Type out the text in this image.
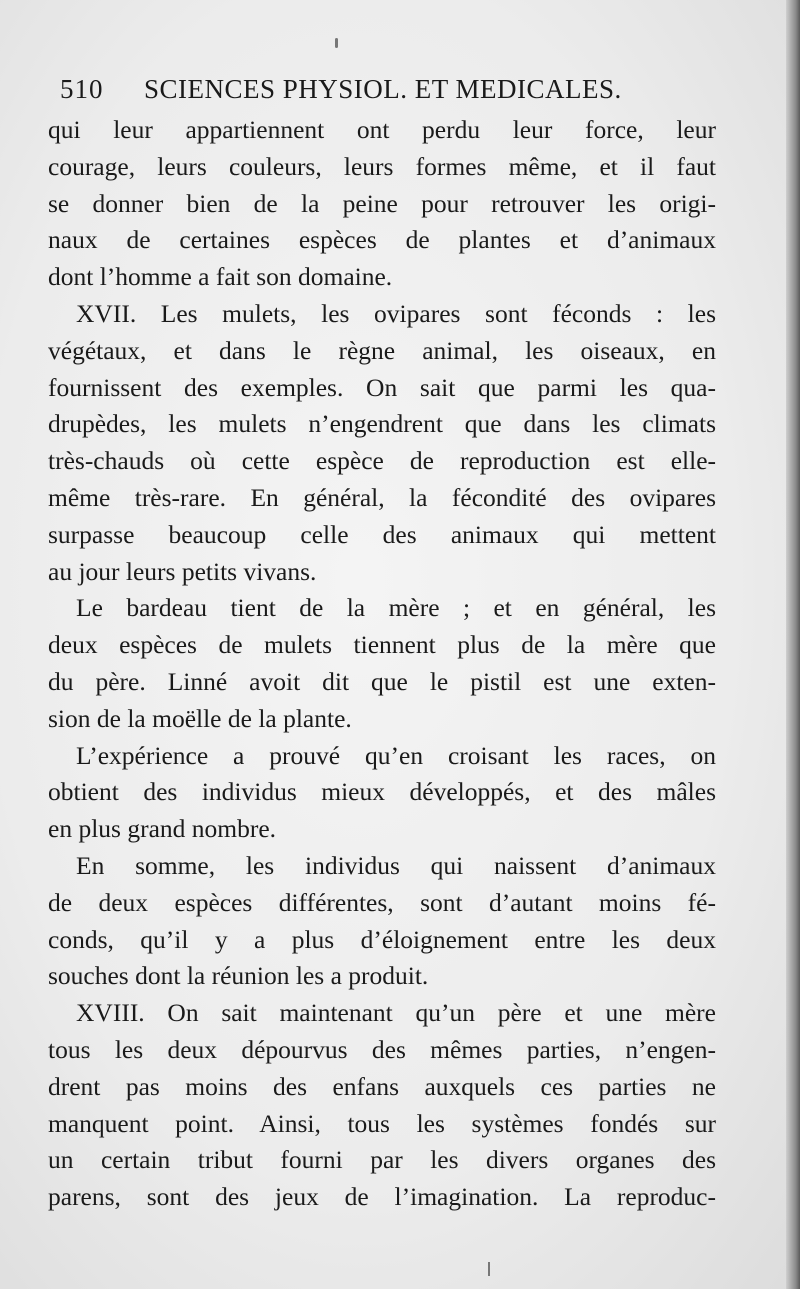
510 SCIENCES PHYSIOL. ET MEDICALES.
qui leur appartiennent ont perdu leur force, leur
courage, leurs couleurs, leurs formes même, et il faut
se donner bien de la peine pour retrouver les origi-
naux de certaines espèces de plantes et d’animaux
dont l’homme a fait son domaine.
XVII. Les mulets, les ovipares sont féconds : les
végétaux, et dans le règne animal, les oiseaux, en
fournissent des exemples. On sait que parmi les qua-
drupèdes, les mulets n’engendrent que dans les climats
très-chauds où cette espèce de reproduction est elle-
même très-rare. En général, la fécondité des ovipares
surpasse beaucoup celle des animaux qui mettent
au jour leurs petits vivans.
Le bardeau tient de la mère ; et en général, les
deux espèces de mulets tiennent plus de la mère que
du père. Linné avoit dit que le pistil est une exten-
sion de la moëlle de la plante.
L’expérience a prouvé qu’en croisant les races, on
obtient des individus mieux développés, et des mâles
en plus grand nombre.
En somme, les individus qui naissent d’animaux
de deux espèces différentes, sont d’autant moins fé-
conds, qu’il y a plus d’éloignement entre les deux
souches dont la réunion les a produit.
XVIII. On sait maintenant qu’un père et une mère
tous les deux dépourvus des mêmes parties, n’engen-
drent pas moins des enfans auxquels ces parties ne
manquent point. Ainsi, tous les systèmes fondés sur
un certain tribut fourni par les divers organes des
parens, sont des jeux de l’imagination. La reproduc-
